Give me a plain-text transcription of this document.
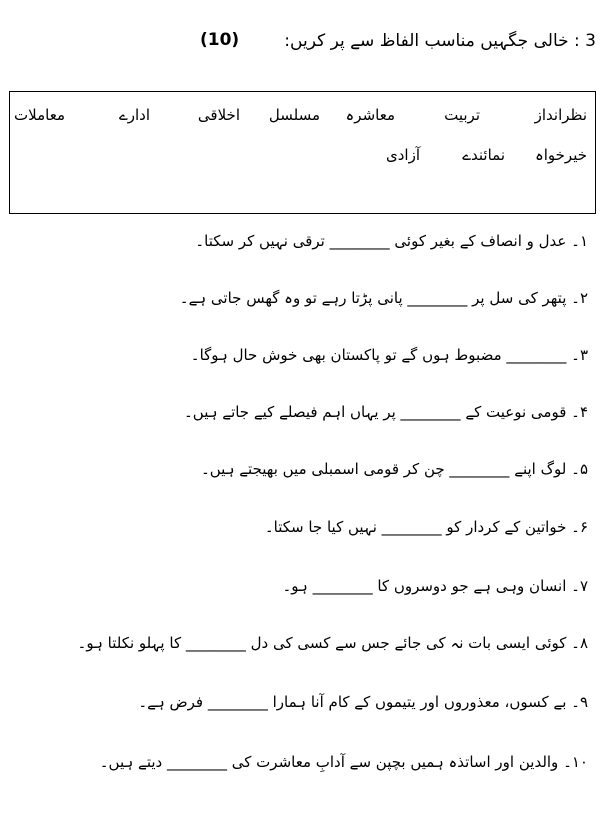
3 : خالی جگہیں مناسب الفاظ سے پر کریں:
(10)
نظرانداز
تربیت
معاشرہ
مسلسل
اخلاقی
ادارے
معاملات
خیرخواہ
نمائندے
آزادی
۱۔ عدل و انصاف کے بغیر کوئی ________ ترقی نہیں کر سکتا۔
۲۔ پتھر کی سل پر ________ پانی پڑتا رہے تو وہ گھس جاتی ہے۔
۳۔ ________ مضبوط ہوں گے تو پاکستان بھی خوش حال ہوگا۔
۴۔ قومی نوعیت کے ________ پر یہاں اہم فیصلے کیے جاتے ہیں۔
۵۔ لوگ اپنے ________ چن کر قومی اسمبلی میں بھیجتے ہیں۔
۶۔ خواتین کے کردار کو ________ نہیں کیا جا سکتا۔
۷۔ انسان وہی ہے جو دوسروں کا ________ ہو۔
۸۔ کوئی ایسی بات نہ کی جائے جس سے کسی کی دل ________ کا پہلو نکلتا ہو۔
۹۔ بے کسوں، معذوروں اور یتیموں کے کام آنا ہمارا ________ فرض ہے۔
۱۰۔ والدین اور اساتذہ ہمیں بچپن سے آدابِ معاشرت کی ________ دیتے ہیں۔
